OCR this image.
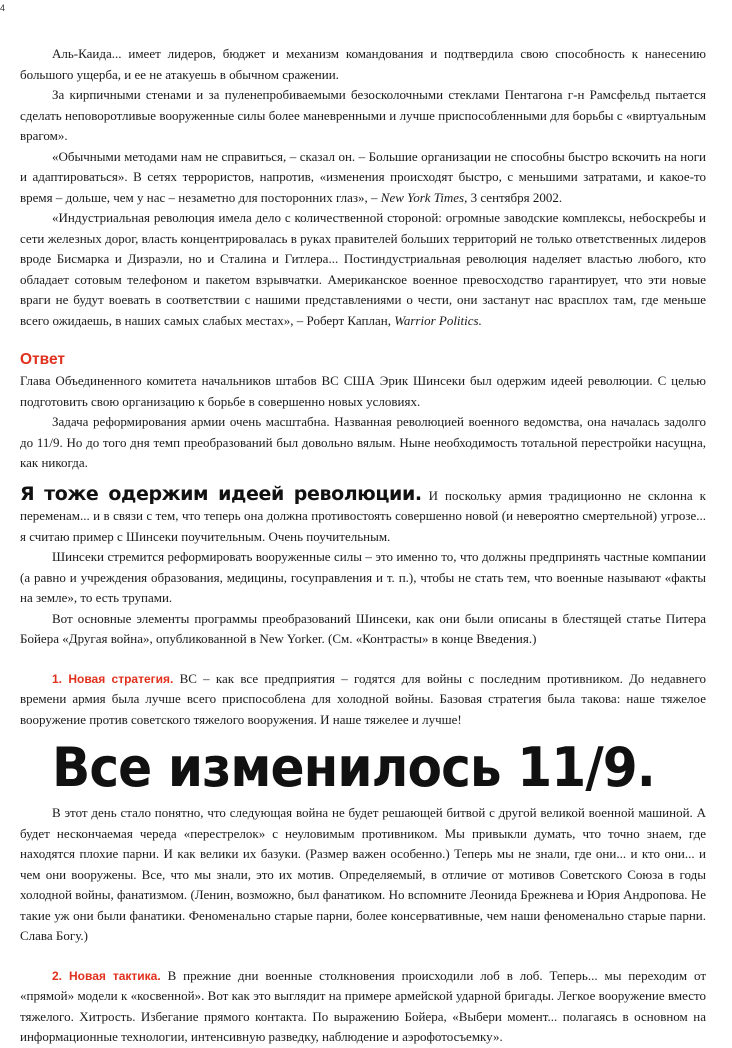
4

Аль-Каида... имеет лидеров, бюджет и механизм командования и подтвердила свою способность к нанесению большого ущерба, и ее не атакуешь в обычном сражении.

За кирпичными стенами и за пуленепробиваемыми безосколочными стеклами Пентагона г-н Рамсфельд пытается сделать неповоротливые вооруженные силы более маневренными и лучше приспособленными для борьбы с «виртуальным врагом».

«Обычными методами нам не справиться, – сказал он. – Большие организации не способны быстро вскочить на ноги и адаптироваться». В сетях террористов, напротив, «изменения происходят быстро, с меньшими затратами, и какое-то время – дольше, чем у нас – незаметно для посторонних глаз», – New York Times, 3 сентября 2002.

«Индустриальная революция имела дело с количественной стороной: огромные заводские комплексы, небоскребы и сети железных дорог, власть концентрировалась в руках правителей больших территорий не только ответственных лидеров вроде Бисмарка и Дизраэли, но и Сталина и Гитлера... Постиндустриальная революция наделяет властью любого, кто обладает сотовым телефоном и пакетом взрывчатки. Американское военное превосходство гарантирует, что эти новые враги не будут воевать в соответствии с нашими представлениями о чести, они застанут нас врасплох там, где меньше всего ожидаешь, в наших самых слабых местах», – Роберт Каплан, Warrior Politics.

Ответ

Глава Объединенного комитета начальников штабов ВС США Эрик Шинсеки был одержим идеей революции. С целью подготовить свою организацию к борьбе в совершенно новых условиях.

Задача реформирования армии очень масштабна. Названная революцией военного ведомства, она началась задолго до 11/9. Но до того дня темп преобразований был довольно вялым. Ныне необходимость тотальной перестройки насущна, как никогда.

Я тоже одержим идеей революции. И поскольку армия традиционно не склонна к переменам... и в связи с тем, что теперь она должна противостоять совершенно новой (и невероятно смертельной) угрозе... я считаю пример с Шинсеки поучительным. Очень поучительным.

Шинсеки стремится реформировать вооруженные силы – это именно то, что должны предпринять частные компании (а равно и учреждения образования, медицины, госуправления и т. п.), чтобы не стать тем, что военные называют «факты на земле», то есть трупами.

Вот основные элементы программы преобразований Шинсеки, как они были описаны в блестящей статье Питера Бойера «Другая война», опубликованной в New Yorker. (См. «Контрасты» в конце Введения.)

1. Новая стратегия. ВС – как все предприятия – годятся для войны с последним противником. До недавнего времени армия была лучше всего приспособлена для холодной войны. Базовая стратегия была такова: наше тяжелое вооружение против советского тяжелого вооружения. И наше тяжелее и лучше!

Все изменилось 11/9.

В этот день стало понятно, что следующая война не будет решающей битвой с другой великой военной машиной. А будет нескончаемая череда «перестрелок» с неуловимым противником. Мы привыкли думать, что точно знаем, где находятся плохие парни. И как велики их базуки. (Размер важен особенно.) Теперь мы не знали, где они... и кто они... и чем они вооружены. Все, что мы знали, это их мотив. Определяемый, в отличие от мотивов Советского Союза в годы холодной войны, фанатизмом. (Ленин, возможно, был фанатиком. Но вспомните Леонида Брежнева и Юрия Андропова. Не такие уж они были фанатики. Феноменально старые парни, более консервативные, чем наши феноменально старые парни. Слава Богу.)

2. Новая тактика. В прежние дни военные столкновения происходили лоб в лоб. Теперь... мы переходим от «прямой» модели к «косвенной». Вот как это выглядит на примере армейской ударной бригады. Легкое вооружение вместо тяжелого. Хитрость. Избегание прямого контакта. По выражению Бойера, «Выбери момент... полагаясь в основном на информационные технологии, интенсивную разведку, наблюдение и аэрофотосъемку».
